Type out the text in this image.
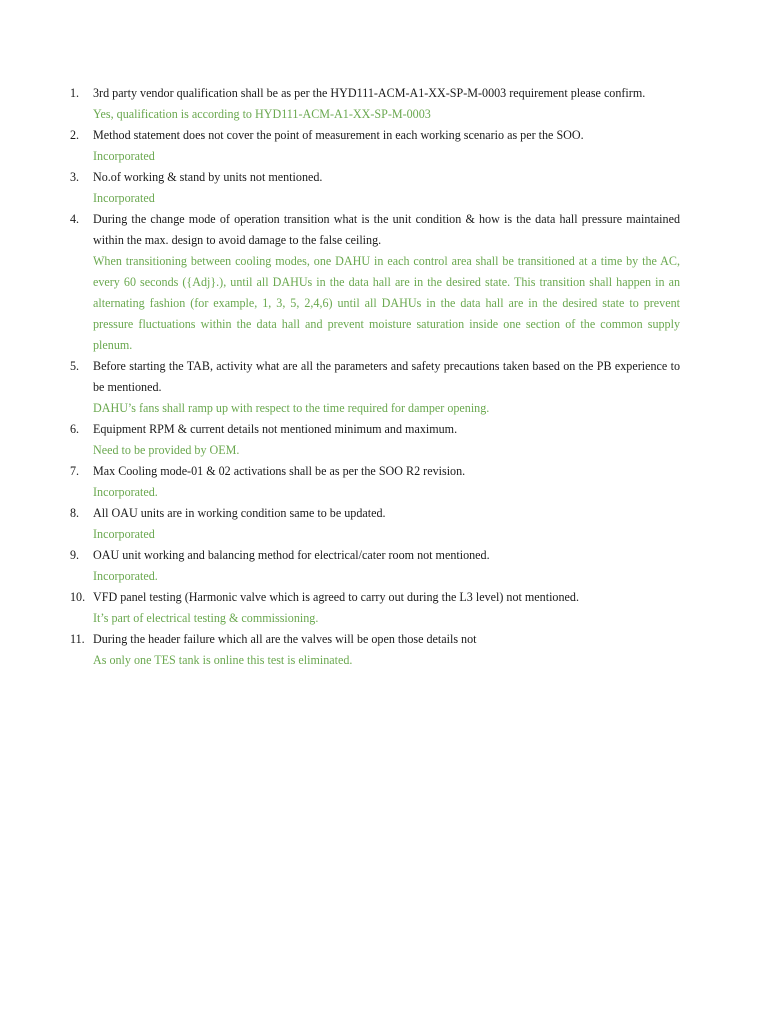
1.	3rd party vendor qualification shall be as per the HYD111-ACM-A1-XX-SP-M-0003 requirement please confirm.

Yes, qualification is according to HYD111-ACM-A1-XX-SP-M-0003

2.	Method statement does not cover the point of measurement in each working scenario as per the SOO.

Incorporated

3.	No.of working & stand by units not mentioned.

Incorporated

4.	During the change mode of operation transition what is the unit condition & how is the data hall pressure maintained within the max. design to avoid damage to the false ceiling.

When transitioning between cooling modes, one DAHU in each control area shall be transitioned at a time by the AC, every 60 seconds ({Adj}.), until all DAHUs in the data hall are in the desired state. This transition shall happen in an alternating fashion (for example, 1, 3, 5, 2,4,6) until all DAHUs in the data hall are in the desired state to prevent pressure fluctuations within the data hall and prevent moisture saturation inside one section of the common supply plenum.

5.	Before starting the TAB, activity what are all the parameters and safety precautions taken based on the PB experience to be mentioned.

DAHU’s fans shall ramp up with respect to the time required for damper opening.

6.	Equipment RPM & current details not mentioned minimum and maximum.

Need to be provided by OEM.

7.	Max Cooling mode-01 & 02 activations shall be as per the SOO R2 revision.

Incorporated.

8.	All OAU units are in working condition same to be updated.

Incorporated

9.	OAU unit working and balancing method for electrical/cater room not mentioned.

Incorporated.

10. VFD panel testing (Harmonic valve which is agreed to carry out during the L3 level) not mentioned.

It’s part of electrical testing & commissioning.

11. During the header failure which all are the valves will be open those details not

As only one TES tank is online this test is eliminated.
